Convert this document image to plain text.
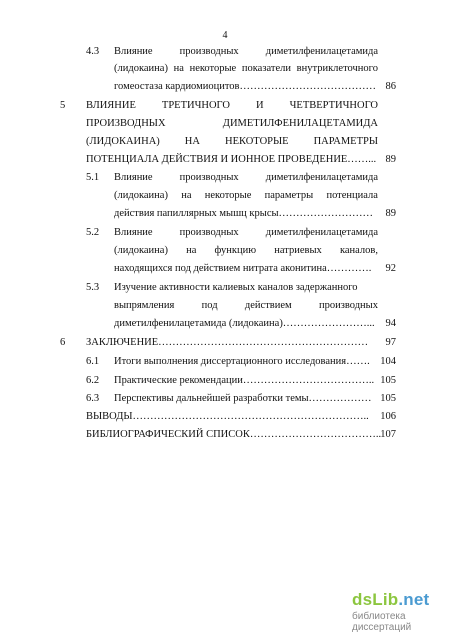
4
4.3 Влияние	производных	диметилфенилацетамида
(лидокаина) на некоторые показатели внутриклеточного
гомеостаза кардиомиоцитов………………………………… 86
5 ВЛИЯНИЕ ТРЕТИЧНОГО И ЧЕТВЕРТИЧНОГО
ПРОИЗВОДНЫХ	ДИМЕТИЛФЕНИЛАЦЕТАМИДА
(ЛИДОКАИНА) НА НЕКОТОРЫЕ ПАРАМЕТРЫ
ПОТЕНЦИАЛА ДЕЙСТВИЯ И ИОННОЕ ПРОВЕДЕНИЕ……... 89
5.1 Влияние	производных	диметилфенилацетамида
(лидокаина) на некоторые параметры потенциала
действия папиллярных мышц крысы………………………	89
5.2 Влияние	производных	диметилфенилацетамида
(лидокаина) на функцию натриевых каналов,
находящихся под действием нитрата аконитина………….	92
5.3 Изучение активности калиевых каналов задержанного
выпрямления	под	действием	производных
диметилфенилацетамида (лидокаина)……………………...	94
6 ЗАКЛЮЧЕНИЕ……………………………………………………	97
6.1 Итоги выполнения диссертационного исследования…….	104
6.2 Практические рекомендации……………………………….. 105
6.3 Перспективы дальнейшей разработки темы……………… 105
ВЫВОДЫ…………………………………………………………..	106
БИБЛИОГРАФИЧЕСКИЙ СПИСОК……………………………….. 107
dsLib.net
библиотека диссертаций
